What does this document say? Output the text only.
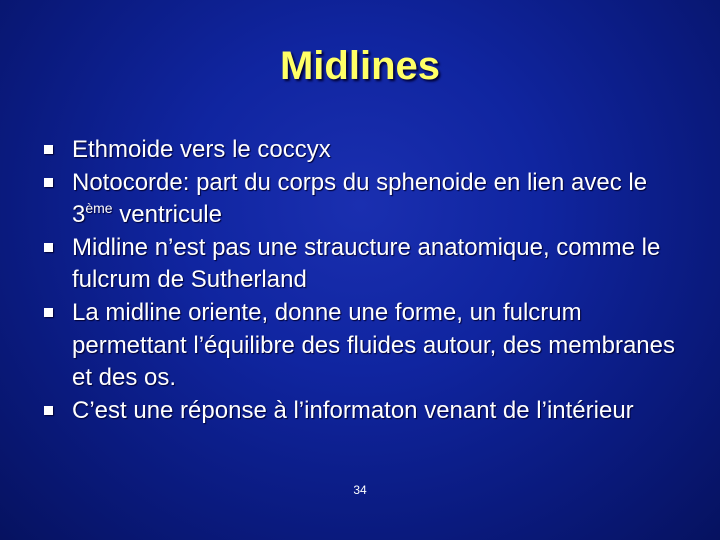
Midlines
Ethmoide vers le coccyx
Notocorde: part du corps du sphenoide en lien avec le 3ème ventricule
Midline n’est pas une straucture anatomique, comme le fulcrum de Sutherland
La midline oriente, donne une forme, un fulcrum permettant l’équilibre des fluides autour, des membranes et des os.
C’est une réponse à l’informaton venant de l’intérieur
34
